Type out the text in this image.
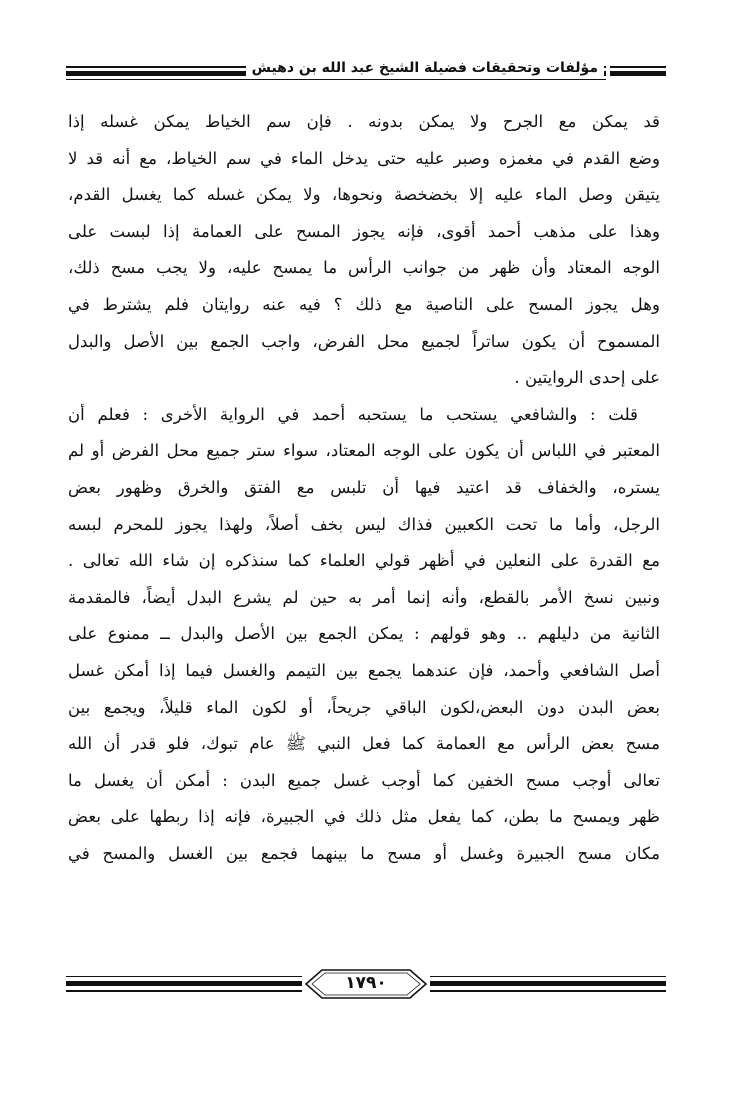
مؤلفات وتحقيقات فضيلة الشيخ عبد الله بن دهيش
قد يمكن مع الجرح ولا يمكن بدونه . فإن سم الخياط يمكن غسله إذا
وضع القدم في مغمزه وصبر عليه حتى يدخل الماء في سم الخياط، مع أنه قد لا
يتيقن وصل الماء عليه إلا بخضخصة ونحوها، ولا يمكن غسله كما يغسل القدم،
وهذا على مذهب أحمد أقوى، فإنه يجوز المسح على العمامة إذا لبست على
الوجه المعتاد وأن ظهر من جوانب الرأس ما يمسح عليه، ولا يجب مسح ذلك،
وهل يجوز المسح على الناصية مع ذلك ؟ فيه عنه روايتان فلم يشترط في
المسموح أن يكون ساتراً لجميع محل الفرض، واجب الجمع بين الأصل والبدل
على إحدى الروايتين .
قلت : والشافعي يستحب ما يستحبه أحمد في الرواية الأخرى : فعلم أن
المعتبر في اللباس أن يكون على الوجه المعتاد، سواء ستر جميع محل الفرض أو لم
يستره، والخفاف قد اعتيد فيها أن تلبس مع الفتق والخرق وظهور بعض
الرجل، وأما ما تحت الكعبين فذاك ليس بخف أصلاً، ولهذا يجوز للمحرم لبسه
مع القدرة على النعلين في أظهر قولي العلماء كما سنذكره إن شاء الله تعالى .
ونبين نسخ الأمر بالقطع، وأنه إنما أمر به حين لم يشرع البدل أيضاً، فالمقدمة
الثانية من دليلهم .. وهو قولهم : يمكن الجمع بين الأصل والبدل ــ ممنوع على
أصل الشافعي وأحمد، فإن عندهما يجمع بين التيمم والغسل فيما إذا أمكن غسل
بعض البدن دون البعض،لكون الباقي جريحاً، أو لكون الماء قليلاً، ويجمع بين
مسح بعض الرأس مع العمامة كما فعل النبي ﷺ عام تبوك، فلو قدر أن الله
تعالى أوجب مسح الخفين كما أوجب غسل جميع البدن : أمكن أن يغسل ما
ظهر ويمسح ما بطن، كما يفعل مثل ذلك في الجبيرة، فإنه إذا ربطها على بعض
مكان مسح الجبيرة وغسل أو مسح ما بينهما فجمع بين الغسل والمسح في
١٧٩٠
